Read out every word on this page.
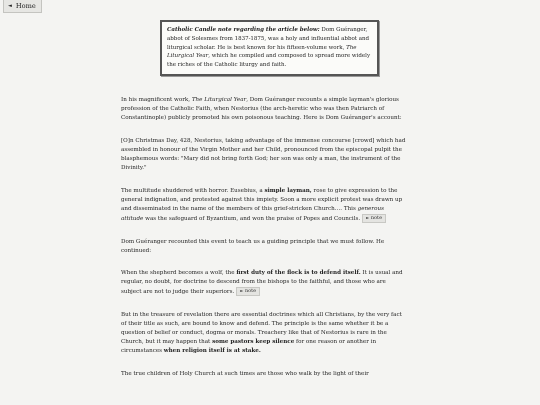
◄ Home
Catholic Candle note regarding the article below: Dom Guéranger, abbot of Solesmes from 1837-1875, was a holy and influential abbot and liturgical scholar. He is best known for his fifteen-volume work, The Liturgical Year, which he compiled and composed to spread more widely the riches of the Catholic liturgy and faith.

In his magnificent work, The Liturgical Year, Dom Guéranger recounts a simple layman's glorious profession of the Catholic Faith, when Nestorius (the arch-heretic who was then Patriarch of Constantinople) publicly promoted his own poisonous teaching. Here is Dom Guéranger's account:

[O]n Christmas Day, 428, Nestorius, taking advantage of the immense concourse [crowd] which had assembled in honour of the Virgin Mother and her Child, pronounced from the episcopal pulpit the blasphemous words: "Mary did not bring forth God; her son was only a man, the instrument of the Divinity."

The multitude shuddered with horror. Eusebius, a simple layman, rose to give expression to the general indignation, and protested against this impiety. Soon a more explicit protest was drawn up and disseminated in the name of the members of this grief-stricken Church…. This generous attitude was the safeguard of Byzantium, and won the praise of Popes and Councils. ► note

Dom Guéranger recounted this event to teach us a guiding principle that we must follow. He continued:

When the shepherd becomes a wolf, the first duty of the flock is to defend itself. It is usual and regular, no doubt, for doctrine to descend from the bishops to the faithful, and those who are subject are not to judge their superiors. ► note

But in the treasure of revelation there are essential doctrines which all Christians, by the very fact of their title as such, are bound to know and defend. The principle is the same whether it be a question of belief or conduct, dogma or morals. Treachery like that of Nestorius is rare in the Church, but it may happen that some pastors keep silence for one reason or another in circumstances when religion itself is at stake.

The true children of Holy Church at such times are those who walk by the light of their
